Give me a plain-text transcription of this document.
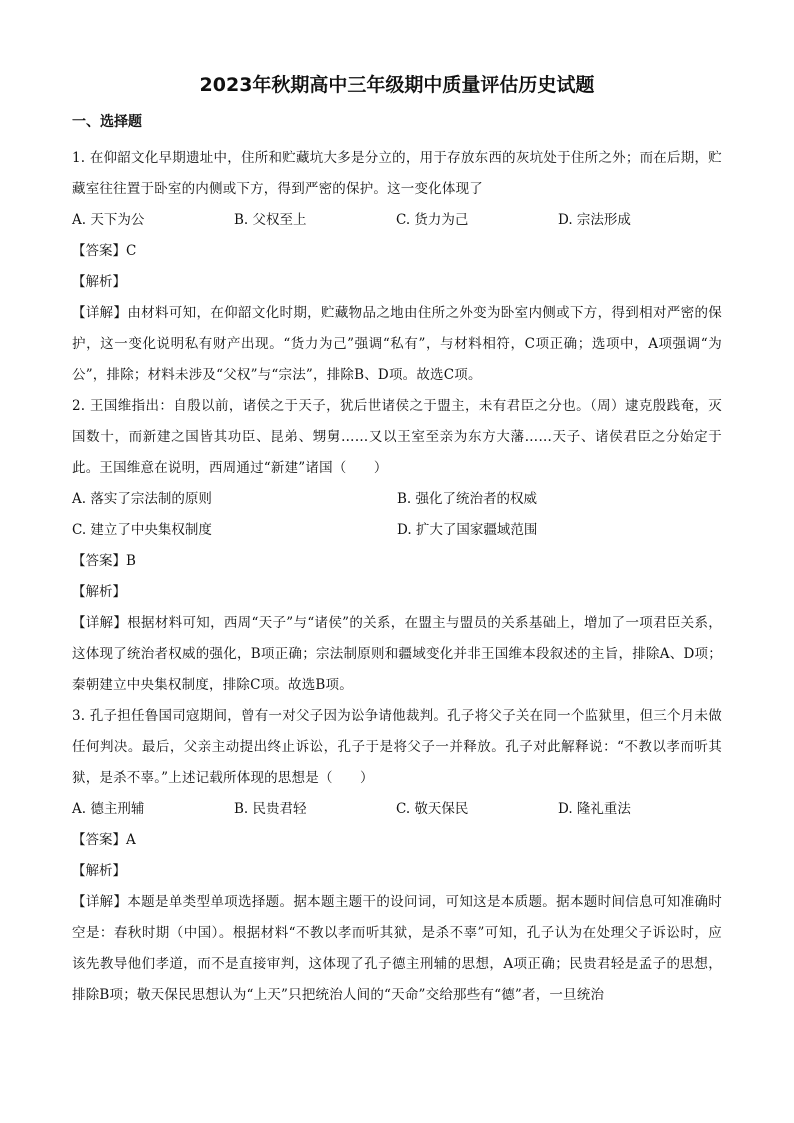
2023年秋期高中三年级期中质量评估历史试题
一、选择题

1. 在仰韶文化早期遗址中，住所和贮藏坑大多是分立的，用于存放东西的灰坑处于住所之外；而在后期，贮藏室往往置于卧室的内侧或下方，得到严密的保护。这一变化体现了

A. 天下为公	B. 父权至上	C. 货力为己	D. 宗法形成
【答案】C
【解析】

【详解】由材料可知，在仰韶文化时期，贮藏物品之地由住所之外变为卧室内侧或下方，得到相对严密的保护，这一变化说明私有财产出现。“货力为己”强调“私有”，与材料相符，C项正确；选项中，A项强调“为公”，排除；材料未涉及“父权”与“宗法”，排除B、D项。故选C项。

2. 王国维指出：自殷以前，诸侯之于天子，犹后世诸侯之于盟主，未有君臣之分也。（周）逮克殷践奄，灭国数十，而新建之国皆其功臣、昆弟、甥舅……又以王室至亲为东方大藩……天子、诸侯君臣之分始定于此。王国维意在说明，西周通过“新建”诸国（　　）

A. 落实了宗法制的原则	B. 强化了统治者的权威
C. 建立了中央集权制度	D. 扩大了国家疆域范围
【答案】B
【解析】

【详解】根据材料可知，西周“天子”与“诸侯”的关系，在盟主与盟员的关系基础上，增加了一项君臣关系，这体现了统治者权威的强化，B项正确；宗法制原则和疆域变化并非王国维本段叙述的主旨，排除A、D项；秦朝建立中央集权制度，排除C项。故选B项。

3. 孔子担任鲁国司寇期间，曾有一对父子因为讼争请他裁判。孔子将父子关在同一个监狱里，但三个月未做任何判决。最后，父亲主动提出终止诉讼，孔子于是将父子一并释放。孔子对此解释说：“不教以孝而听其狱，是杀不辜。”上述记载所体现的思想是（　　）

A. 德主刑辅	B. 民贵君轻	C. 敬天保民	D. 隆礼重法
【答案】A
【解析】

【详解】本题是单类型单项选择题。据本题主题干的设问词，可知这是本质题。据本题时间信息可知准确时空是：春秋时期（中国）。根据材料“不教以孝而听其狱，是杀不辜”可知，孔子认为在处理父子诉讼时，应该先教导他们孝道，而不是直接审判，这体现了孔子德主刑辅的思想，A项正确；民贵君轻是孟子的思想，排除B项；敬天保民思想认为“上天”只把统治人间的“天命”交给那些有“德”者，一旦统治
